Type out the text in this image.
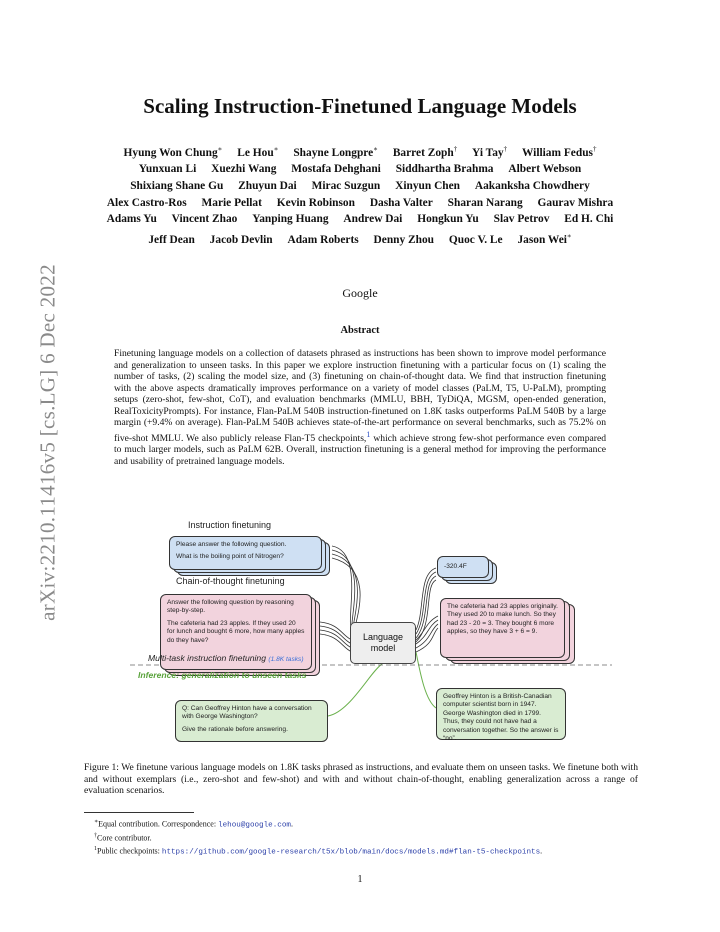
arXiv:2210.11416v5 [cs.LG] 6 Dec 2022
Scaling Instruction-Finetuned Language Models
Hyung Won Chung∗ Le Hou∗ Shayne Longpre∗ Barret Zoph† Yi Tay† William Fedus† Yunxuan Li Xuezhi Wang Mostafa Dehghani Siddhartha Brahma Albert Webson Shixiang Shane Gu Zhuyun Dai Mirac Suzgun Xinyun Chen Aakanksha Chowdhery Alex Castro-Ros Marie Pellat Kevin Robinson Dasha Valter Sharan Narang Gaurav Mishra Adams Yu Vincent Zhao Yanping Huang Andrew Dai Hongkun Yu Slav Petrov Ed H. Chi Jeff Dean Jacob Devlin Adam Roberts Denny Zhou Quoc V. Le Jason Wei∗
Google
Abstract
Finetuning language models on a collection of datasets phrased as instructions has been shown to improve model performance and generalization to unseen tasks. In this paper we explore instruction finetuning with a particular focus on (1) scaling the number of tasks, (2) scaling the model size, and (3) finetuning on chain-of-thought data. We find that instruction finetuning with the above aspects dramatically improves performance on a variety of model classes (PaLM, T5, U-PaLM), prompting setups (zero-shot, few-shot, CoT), and evaluation benchmarks (MMLU, BBH, TyDiQA, MGSM, open-ended generation, RealToxicityPrompts). For instance, Flan-PaLM 540B instruction-finetuned on 1.8K tasks outperforms PaLM 540B by a large margin (+9.4% on average). Flan-PaLM 540B achieves state-of-the-art performance on several benchmarks, such as 75.2% on five-shot MMLU. We also publicly release Flan-T5 checkpoints,$^1$ which achieve strong few-shot performance even compared to much larger models, such as PaLM 62B. Overall, instruction finetuning is a general method for improving the performance and usability of pretrained language models.
Instruction finetuning

Please answer the following question.

What is the boiling point of Nitrogen?

Chain-of-thought finetuning

Answer the following question by reasoning step-by-step.

The cafeteria had 23 apples. If they used 20 for lunch and bought 6 more, how many apples do they have?	Language model
-320.4F
The cafeteria had 23 apples originally. They used 20 to make lunch. So they had 23 - 20 = 3. They bought 6 more apples, so they have 3 + 6 = 9.
Multi-task instruction finetuning (1.8K tasks)
Inference: generalization to unseen tasks

Q: Can Geoffrey Hinton have a conversation with George Washington?

Give the rationale before answering.

Geoffrey Hinton is a British-Canadian computer scientist born in 1947. George Washington died in 1799. Thus, they could not have had a conversation together. So the answer is “no”.
Figure 1: We finetune various language models on 1.8K tasks phrased as instructions, and evaluate them on unseen tasks. We finetune both with and without exemplars (i.e., zero-shot and few-shot) and with and without chain-of-thought, enabling generalization across a range of evaluation scenarios.
∗Equal contribution. Correspondence: lehou@google.com.
†Core contributor.
$^1$Public checkpoints: https://github.com/google-research/t5x/blob/main/docs/models.md#flan-t5-checkpoints.
1
